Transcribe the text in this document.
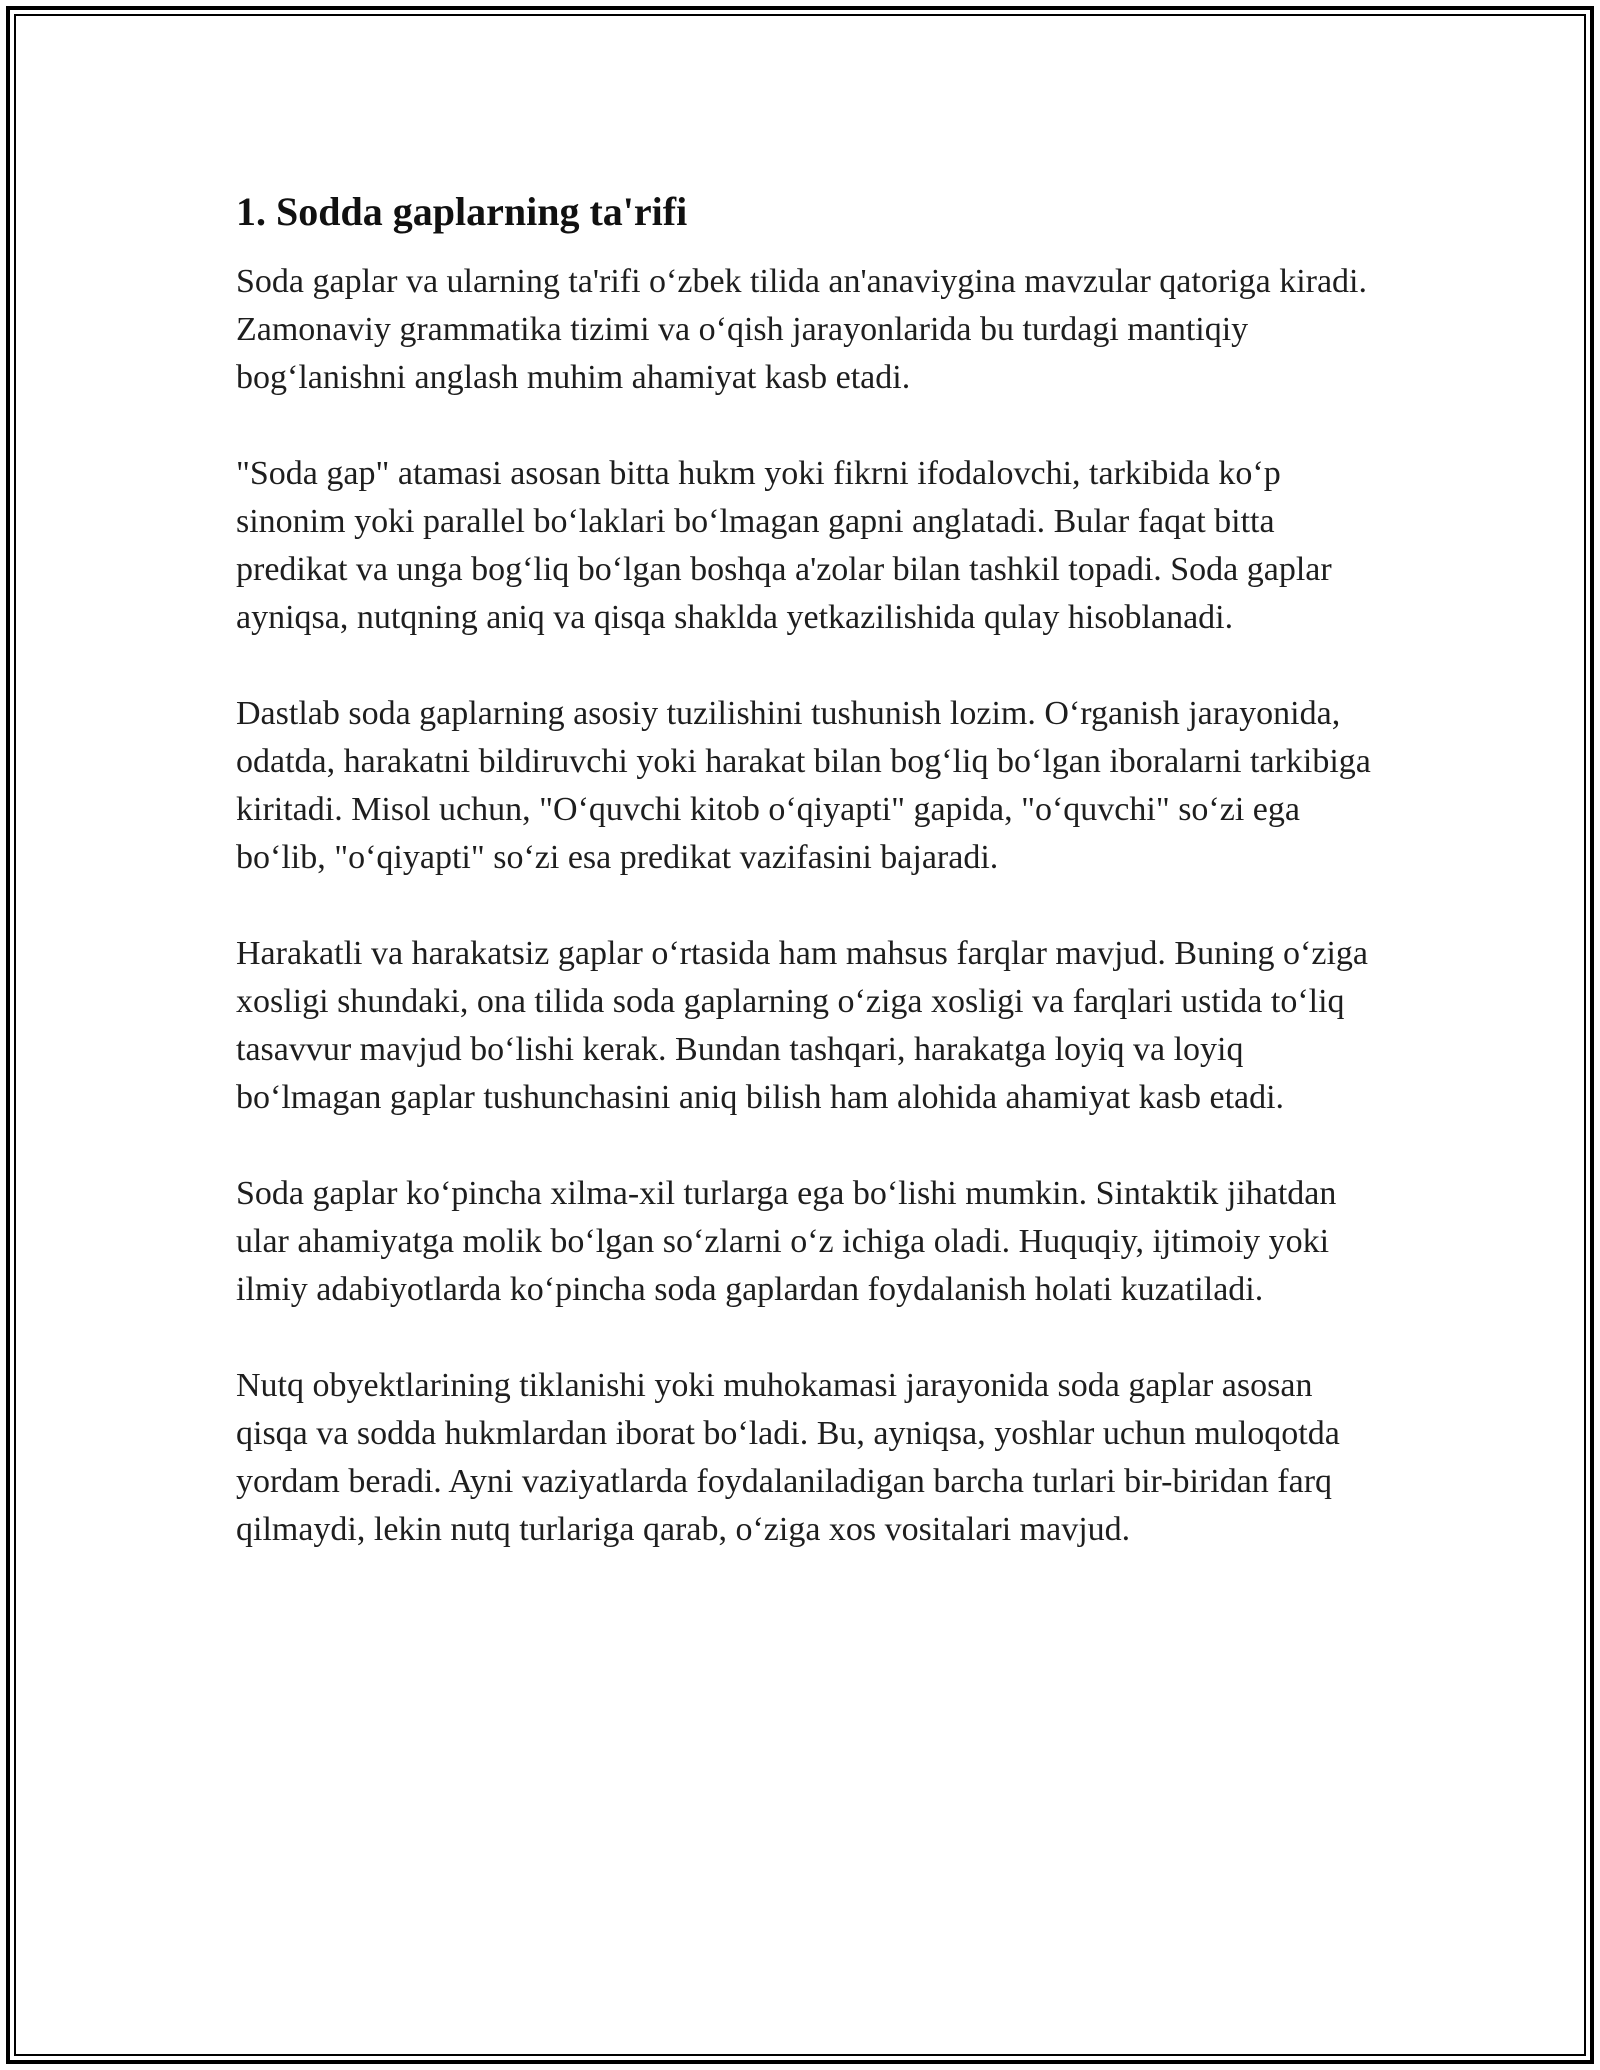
1. Sodda gaplarning ta'rifi

Soda gaplar va ularning ta'rifi o‘zbek tilida an'anaviygina mavzular qatoriga kiradi. Zamonaviy grammatika tizimi va o‘qish jarayonlarida bu turdagi mantiqiy bog‘lanishni anglash muhim ahamiyat kasb etadi.

"Soda gap" atamasi asosan bitta hukm yoki fikrni ifodalovchi, tarkibida ko‘p sinonim yoki parallel bo‘laklari bo‘lmagan gapni anglatadi. Bular faqat bitta predikat va unga bog‘liq bo‘lgan boshqa a'zolar bilan tashkil topadi. Soda gaplar ayniqsa, nutqning aniq va qisqa shaklda yetkazilishida qulay hisoblanadi.

Dastlab soda gaplarning asosiy tuzilishini tushunish lozim. O‘rganish jarayonida, odatda, harakatni bildiruvchi yoki harakat bilan bog‘liq bo‘lgan iboralarni tarkibiga kiritadi. Misol uchun, "O‘quvchi kitob o‘qiyapti" gapida, "o‘quvchi" so‘zi ega bo‘lib, "o‘qiyapti" so‘zi esa predikat vazifasini bajaradi.

Harakatli va harakatsiz gaplar o‘rtasida ham mahsus farqlar mavjud. Buning o‘ziga xosligi shundaki, ona tilida soda gaplarning o‘ziga xosligi va farqlari ustida to‘liq tasavvur mavjud bo‘lishi kerak. Bundan tashqari, harakatga loyiq va loyiq bo‘lmagan gaplar tushunchasini aniq bilish ham alohida ahamiyat kasb etadi.

Soda gaplar ko‘pincha xilma-xil turlarga ega bo‘lishi mumkin. Sintaktik jihatdan ular ahamiyatga molik bo‘lgan so‘zlarni o‘z ichiga oladi. Huquqiy, ijtimoiy yoki ilmiy adabiyotlarda ko‘pincha soda gaplardan foydalanish holati kuzatiladi.

Nutq obyektlarining tiklanishi yoki muhokamasi jarayonida soda gaplar asosan qisqa va sodda hukmlardan iborat bo‘ladi. Bu, ayniqsa, yoshlar uchun muloqotda yordam beradi. Ayni vaziyatlarda foydalaniladigan barcha turlari bir-biridan farq qilmaydi, lekin nutq turlariga qarab, o‘ziga xos vositalari mavjud.
